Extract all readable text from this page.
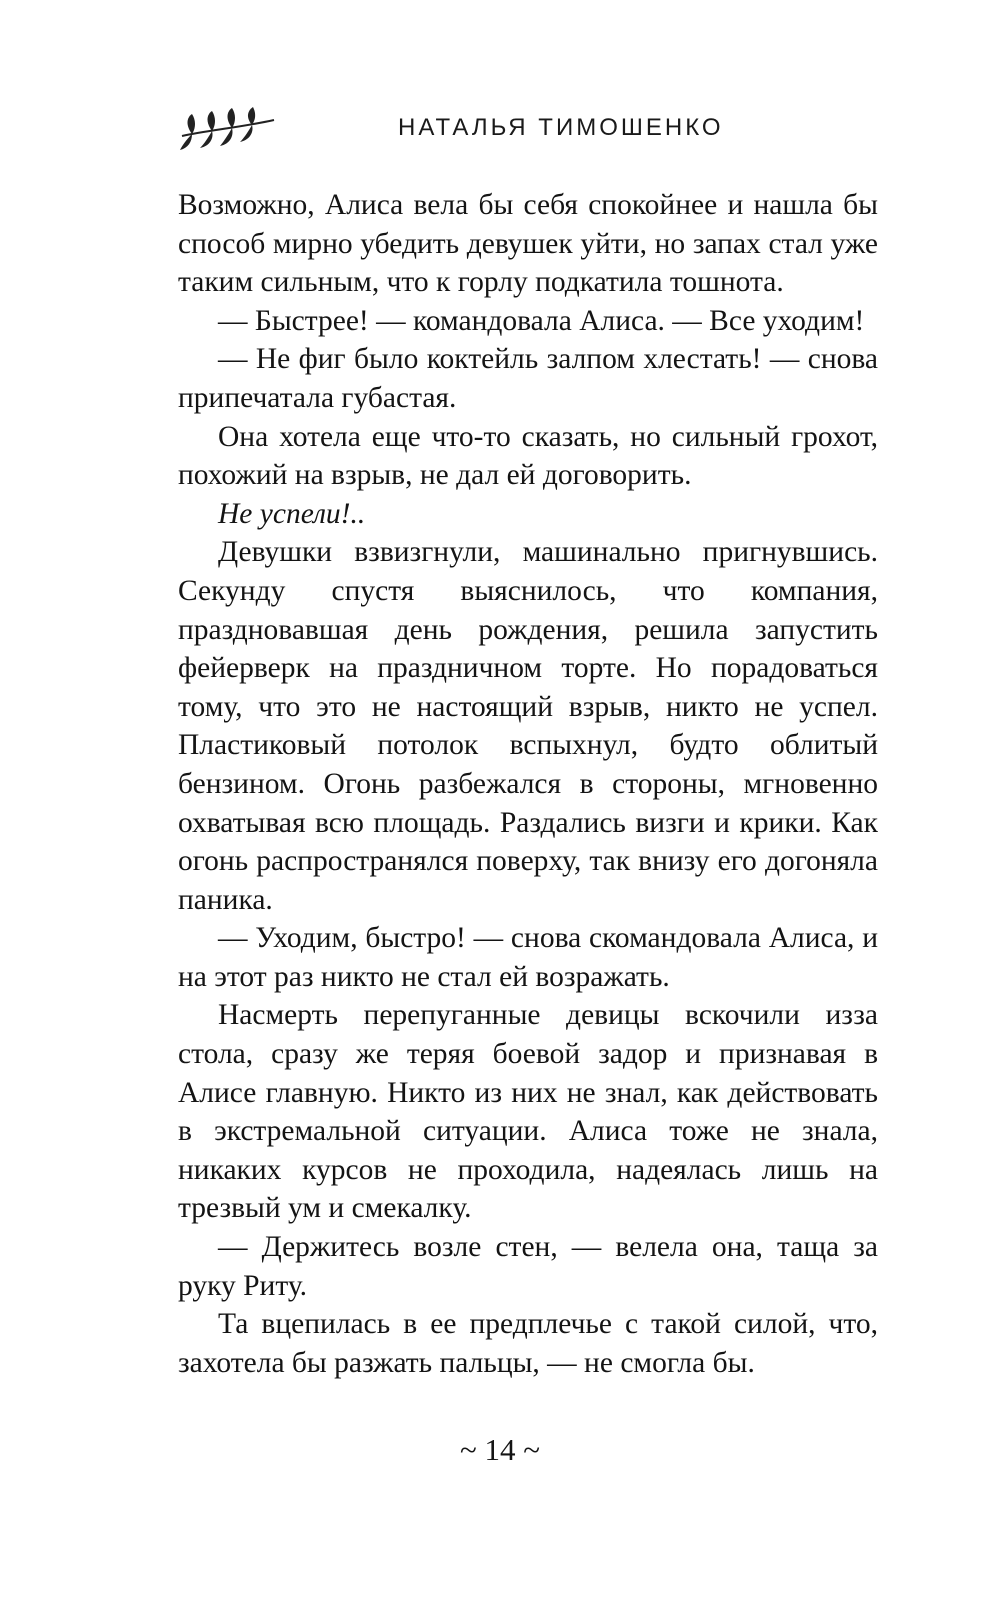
НАТАЛЬЯ ТИМОШЕНКО

Возможно, Алиса вела бы себя спокойнее и нашла бы способ мирно убедить девушек уйти, но запах стал уже таким сильным, что к горлу подкатила тошнота.

— Быстрее! — командовала Алиса. — Все уходим!

— Не фиг было коктейль залпом хлестать! — снова припечатала губастая.

Она хотела еще что-то сказать, но сильный грохот, похожий на взрыв, не дал ей договорить.

Не успели!..

Девушки взвизгнули, машинально пригнувшись. Секунду спустя выяснилось, что компания, праздновавшая день рождения, решила запустить фейерверк на праздничном торте. Но порадоваться тому, что это не настоящий взрыв, никто не успел. Пластиковый потолок вспыхнул, будто облитый бензином. Огонь разбежался в стороны, мгновенно охватывая всю площадь. Раздались визги и крики. Как огонь распространялся поверху, так внизу его догоняла паника.

— Уходим, быстро! — снова скомандовала Алиса, и на этот раз никто не стал ей возражать.

Насмерть перепуганные девицы вскочили изза стола, сразу же теряя боевой задор и признавая в Алисе главную. Никто из них не знал, как действовать в экстремальной ситуации. Алиса тоже не знала, никаких курсов не проходила, надеялась лишь на трезвый ум и смекалку.

— Держитесь возле стен, — велела она, таща за руку Риту.

Та вцепилась в ее предплечье с такой силой, что, захотела бы разжать пальцы, — не смогла бы.

~ 14 ~
